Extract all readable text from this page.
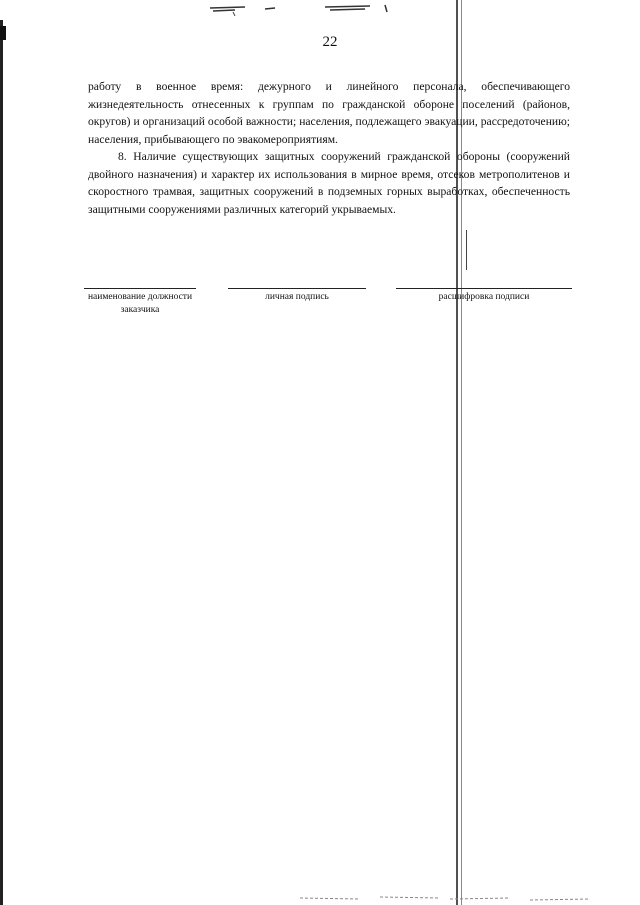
22

работу в военное время: дежурного и линейного персонала, обеспечивающего жизнедеятельность отнесенных к группам по гражданской обороне поселений (районов, округов) и организаций особой важности; населения, подлежащего эвакуации, рассредоточению; населения, прибывающего по эвакомероприятиям.

8. Наличие существующих защитных сооружений гражданской обороны (сооружений двойного назначения) и характер их использования в мирное время, отсеков метрополитенов и скоростного трамвая, защитных сооружений в подземных горных выработках, обеспеченность защитными сооружениями различных категорий укрываемых.

наименование должности
заказчика
личная подпись	расшифровка подписи
